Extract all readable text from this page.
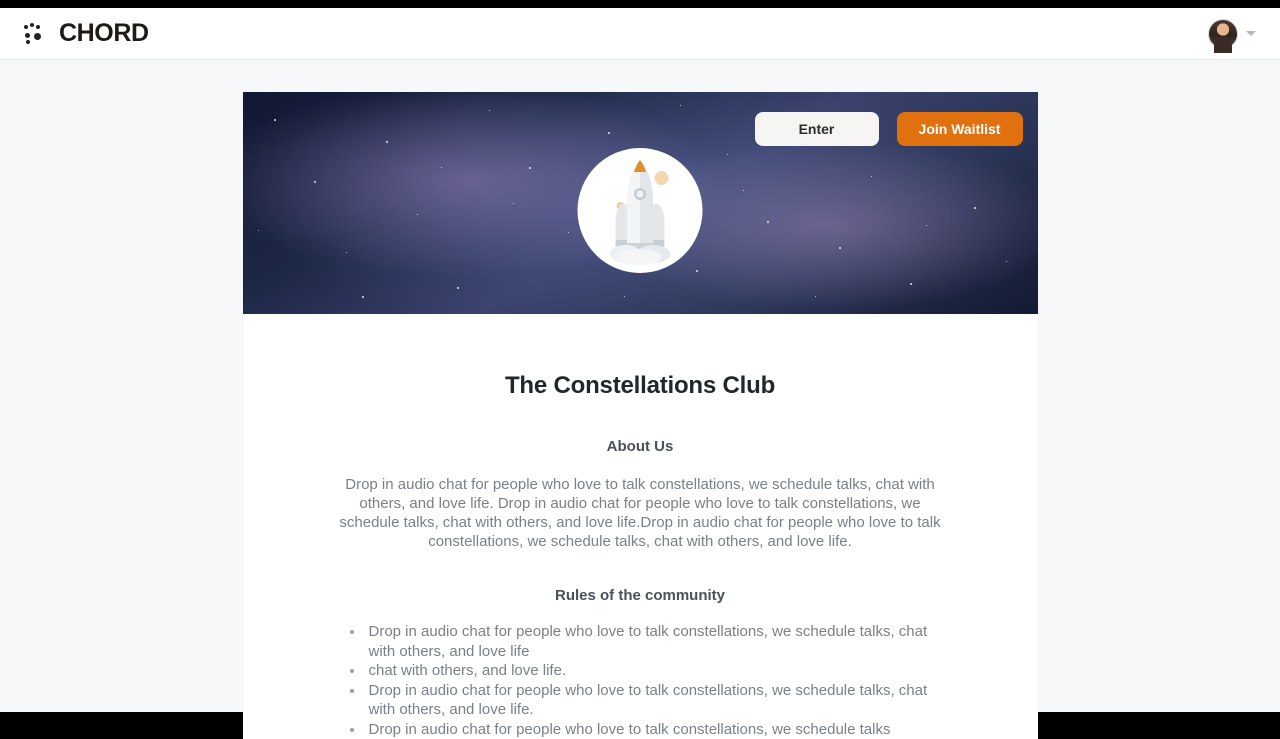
CHORD
Enter	Join Waitlist
The Constellations Club
About Us

Drop in audio chat for people who love to talk constellations, we schedule talks, chat with others, and love life. Drop in audio chat for people who love to talk constellations, we schedule talks, chat with others, and love life.Drop in audio chat for people who love to talk constellations, we schedule talks, chat with others, and love life.

Rules of the community
• Drop in audio chat for people who love to talk constellations, we schedule talks, chat with others, and love life
• chat with others, and love life.
• Drop in audio chat for people who love to talk constellations, we schedule talks, chat with others, and love life.
• Drop in audio chat for people who love to talk constellations, we schedule talks
